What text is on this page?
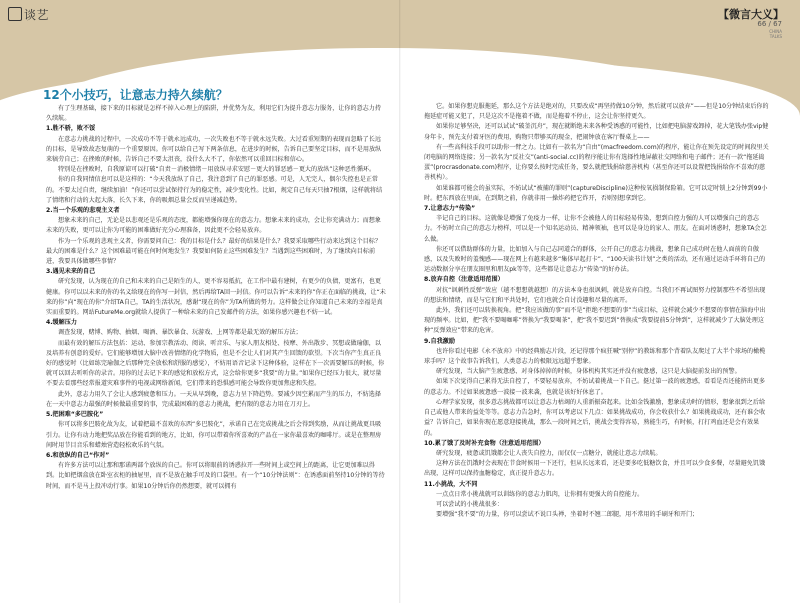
谈艺	【微言大义】
66 / 67
CHINA
TALKS
12个小技巧，让意志力持久续航？

有了生理基础，接下来的目标就是怎样不掉入心理上的陷阱，并优势为友，利用它们为提升意志力服务，让你的意志力持久续航。

1.胜不骄，败不馁

在意志力挑战的过程中，一次成功不等于就永远成功，一次失败也不等于就永远失败。大过看重短期的表现而忽略了长远的目标，是导致故态复萌的一个重要原因。你可以给自己写下两条信息，在进步的时候，告诉自己要坚定目标，而不是用放纵来犒劳自己；在挫败的时候，告诉自己不要太沮丧，没什么大不了，你依然可以重回目标和信心。

特别是在挫败时，自我原谅可以打破“自责－消极情绪－用放纵寻求安慰－更大的罪恶感－更大的放纵”这种恶性循环。

你的自我同情信息可以是这样的：“今天我放纵了自己，我注意到了自己的罪恶感。可是，人无完人，偶尔失控也是正常的。不要太过自责，继续加油！”你还可以尝试保持行为的稳定性，减少变化性。比如，规定自己每天只抽7根烟，这样就将结了情绪和行动的大起大落，长久下来，你的吸烟总量会反而呈递减趋势。

2.当一个乐观的悲观主义者

想象未来的自己，无论是以悲观还是乐观的态度，都能增强你现在的意志力。想象未来的成功，会让你充满动力；而想象未来的失败，更可以让你为可能的困难做好充分心理准备，因此更不会轻易放弃。

作为一个乐观的悲观主义者，你需要问自己：我的目标是什么？最好的结果是什么？我要采取哪些行动来达到这个目标？最大的困难是什么？这个困难最可能在何时何地发生？我要如何防止这些困难发生？当遇到这些困难时，为了继续向目标前进，我要具体做哪些事情？

3.遇见未来的自己

研究发现，认为现在的自己和未来的自己是陌生的人，更不容易抵抗，在工作中最有建树，有更少的负债，更富有，也更健康。你可以以未来的你的名义给现在的你写一封信，然后再给TA回一封信。你可以告诉“未来的你”你正在面临的挑战，让“未来的你”向“现在的你”介绍TA自己，TA的生活状况，感谢“现在的你”为TA所做的努力。这样做会让你知道自己未来的幸福是真实而重要的。网站FutureMe.org就给人提供了一种给未来的自己发邮件的方法，如果你感兴趣也不妨一试。

4.缓解压力

调查发现，赌博、购物、抽烟、喝酒、暴饮暴食、玩游戏、上网等都是最无效的解压方法；

而最有效的解压方法包括：运动、参加宗教活动、阅读、听音乐、与家人朋友相处、按摩、外出散步、冥想或做瑜伽，以及培养有创意的爱好。它们能够增加大脑中改善情绪的化学物质，但是不会让人们对其产生回馈的欲望。下次当你产生真正良好的感觉时（比如练完瑜伽之后那种完全放松和舒服的感觉），不妨用语音记录下这种体验，这样在下一次需要解压的时候，你就可以回去听听你的录音。用你的过去记下来的感觉和放松方式，这会给你更多“我要”的力量。”如果你已经压力很大，就尽量不要去看那些经常报道灾难事件的电视或网络新闻，它们带来的恐惧感可能会导致你更加焦虑和失控。

此外，意志力用久了会让人感到疲惫和压力。一天从早到晚，意志力呈下降趋势。要减少因空累而产生的压力，不妨选择在一天中意志力最强的时候做最重要的事，完成最困难的意志力挑战，把有限的意志力用在刀刃上。

5.把困难“多巴胺化”

你可以将多巴胺化故为友，试着把最不喜欢的东西“多巴胺化”，承诺自己在完成挑战之后会得到奖励，从而让挑战更具吸引力。让你有动力地把奖品放在你能看到的地方，比如，你可以带着你所喜欢的产品在一家你最喜欢的咖啡厅。或是在整理房间时用节目音乐和蜡烛营造轻松欢乐的气氛。

6.和放纵的自己“作对”

有许多方法可以让那和那诺两部个放纵的自己。你可以将眼前的诱惑拉开一些时间上或空间上的距离，让它更加难以得到。比如把烟盒放在卧室衣柜的抽屉里，而不是放在触手可及的口袋里。有一个“10分钟法则”：在诱惑面前坚持10分钟的等待时间，而不是马上投冲动行事。如果10分钟后你仍然想要，就可以拥有

它。如果你想克服拖延，那么这个方法是绝对的，只要改成“再坚持做10分钟，然后就可以放弃”——但是10分钟结束后你的拖延症可能又犯了，只是这次不是拖着不做，而是拖着不停止，这会让你坚持更久。

如果你足够坚决，还可以试试“破釜沉舟”，现在就断绝未来各种受诱惑的可能性，比如把电脑游戏卸掉，花大笔钱办张vip健身年卡，预先支付着牙医的费用，购物只带够买的现金，把闹钟放在客厅餐桌上——

有一些高科技手段可以助你一臂之力。比如有一款名为“自由”(macfreedom.com)的程序，能让你在预先设定的时间段里关闭电脑的网络连接；另一款名为“反社交”(anti-social.cc)的程序能让你有选择性地屏蔽社交网络和电子邮件；还有一款“拖延捣蛋”(procrasdonate.com)程序，让你要么按时完成任务，要么就把钱捐给慈善机构（甚至你还可以设置把钱捐给你不喜欢的慈善机构）。

如果谁都可能会的虽实际，不妨试试“被捕的罪则”(captureDiscipline)这种按氧损制保险箱。它可以定时锁上2分钟到99小时。把东西放在里面，在到期之前，你就非用一操炸药把它炸开，否则别想拿到它。

7.让意志力“传染”

辛记自己的目标。这就像是增强了免疫力一样，让你不会被他人的目标轻易传染，想到自控力强的人可以增强自己的意志力。不妨时立自己的意志力榜样，可以是一个知名运动员、精神领袖，也可以是身边的家人、朋友。在面对诱惑时，想象TA会怎么做。

你还可以借助群体的力量，比如加入与自己志同道合的群体，公开自己的意志力挑战，想象自己成功时在他人面前的自傲感，以及失败时的羞愧感——现在网上有越来越多“集体早起打卡”、“100天读书计划”之类的活动，还有通过运动手环将自己的运动数据分享在朋友圈里和朋友pk等等，这些都是让意志力“传染”的好办法。

8.放弃自控（注意适用范围）

对抗“讽刺性反弹”效应（越不想想就越想）的方法本身也很讽刺，就是放弃自控。当我们不再试图努力控制那些不希望出现的想法和情绪，而是与它们和平共处时，它们也就会自讨没趣和尽量的离开。

此外，我们还可以转换视角。把“我应该做的事”而不是“拒绝不想要的事”当成目标，这样就会减少不想要的事情在脑海中出现的频率。比如，把“我不要喝咖啡”替换为“我要喝茶”，把“我不要迟到”替换成“我要提前5分钟到”，这样就减少了大脑处理这种“反弹效应”带来的危害。

9.自我激励

也许你看过电影《永不放弃》中的经典励志片段，还记得那个疯狂喊“别停”的教练和那个背着队友爬过了大半个球场的橄榄球手吗？这个故事告诉我们，人类意志力的极限远远超乎想象。

研究发现，当大脑产生疲惫感、对身体掉掉的时候，身体机构其实还并没有疲惫感，这只是大脑提前发出的预警。

如果下次觉得自己累得无法自控了，不要轻易放弃，不妨试着挑战一下自己。挺过第一波的疲惫感，看看是否还能挤出更多的意志力。不过如果疲惫感一波接一波来袭，也就是该好好休息了。

心理学家发现，很多意志挑战都可以让意志力枯竭的人重新振奋起来。比如金钱激励，想象成功时的情形，想象很到之后给自己或他人带来的益处等等。意志力告急时，你可以考虑以下几点：如果挑战成功，你会收获什么？如果挑战成功，还有谁会收益？告诉自己，如果你现在愿意迎接挑战，那么一段时间之后，挑战会变得容易，熟能生巧，有时候，打打鸡血还是会有效果的。

10.累了饿了及时补充食物（注意适用范围）

研究发现，疲惫或饥饿都会让人丧失自控力，而仅仅一点糖分，就能让意志力续航。

这种方法在饥饿时会表现在节食时候用一下还行，但从长远来看，还是要多吃低糖饮食，并且可以少食多餐，尽量避免饥饿出现，这样可以保持血糖稳定，真正提升意志力。

11.小挑战，大不同

一点点日常小挑战就可以训练你的意志力肌肉，让你拥有更强大的自控能力。

可以尝试的小挑战很多：

要增强“我不要”的力量，你可以尝试不说口头禅，坐着时不翘二郎腿，用不常用的手刷牙和开门；
